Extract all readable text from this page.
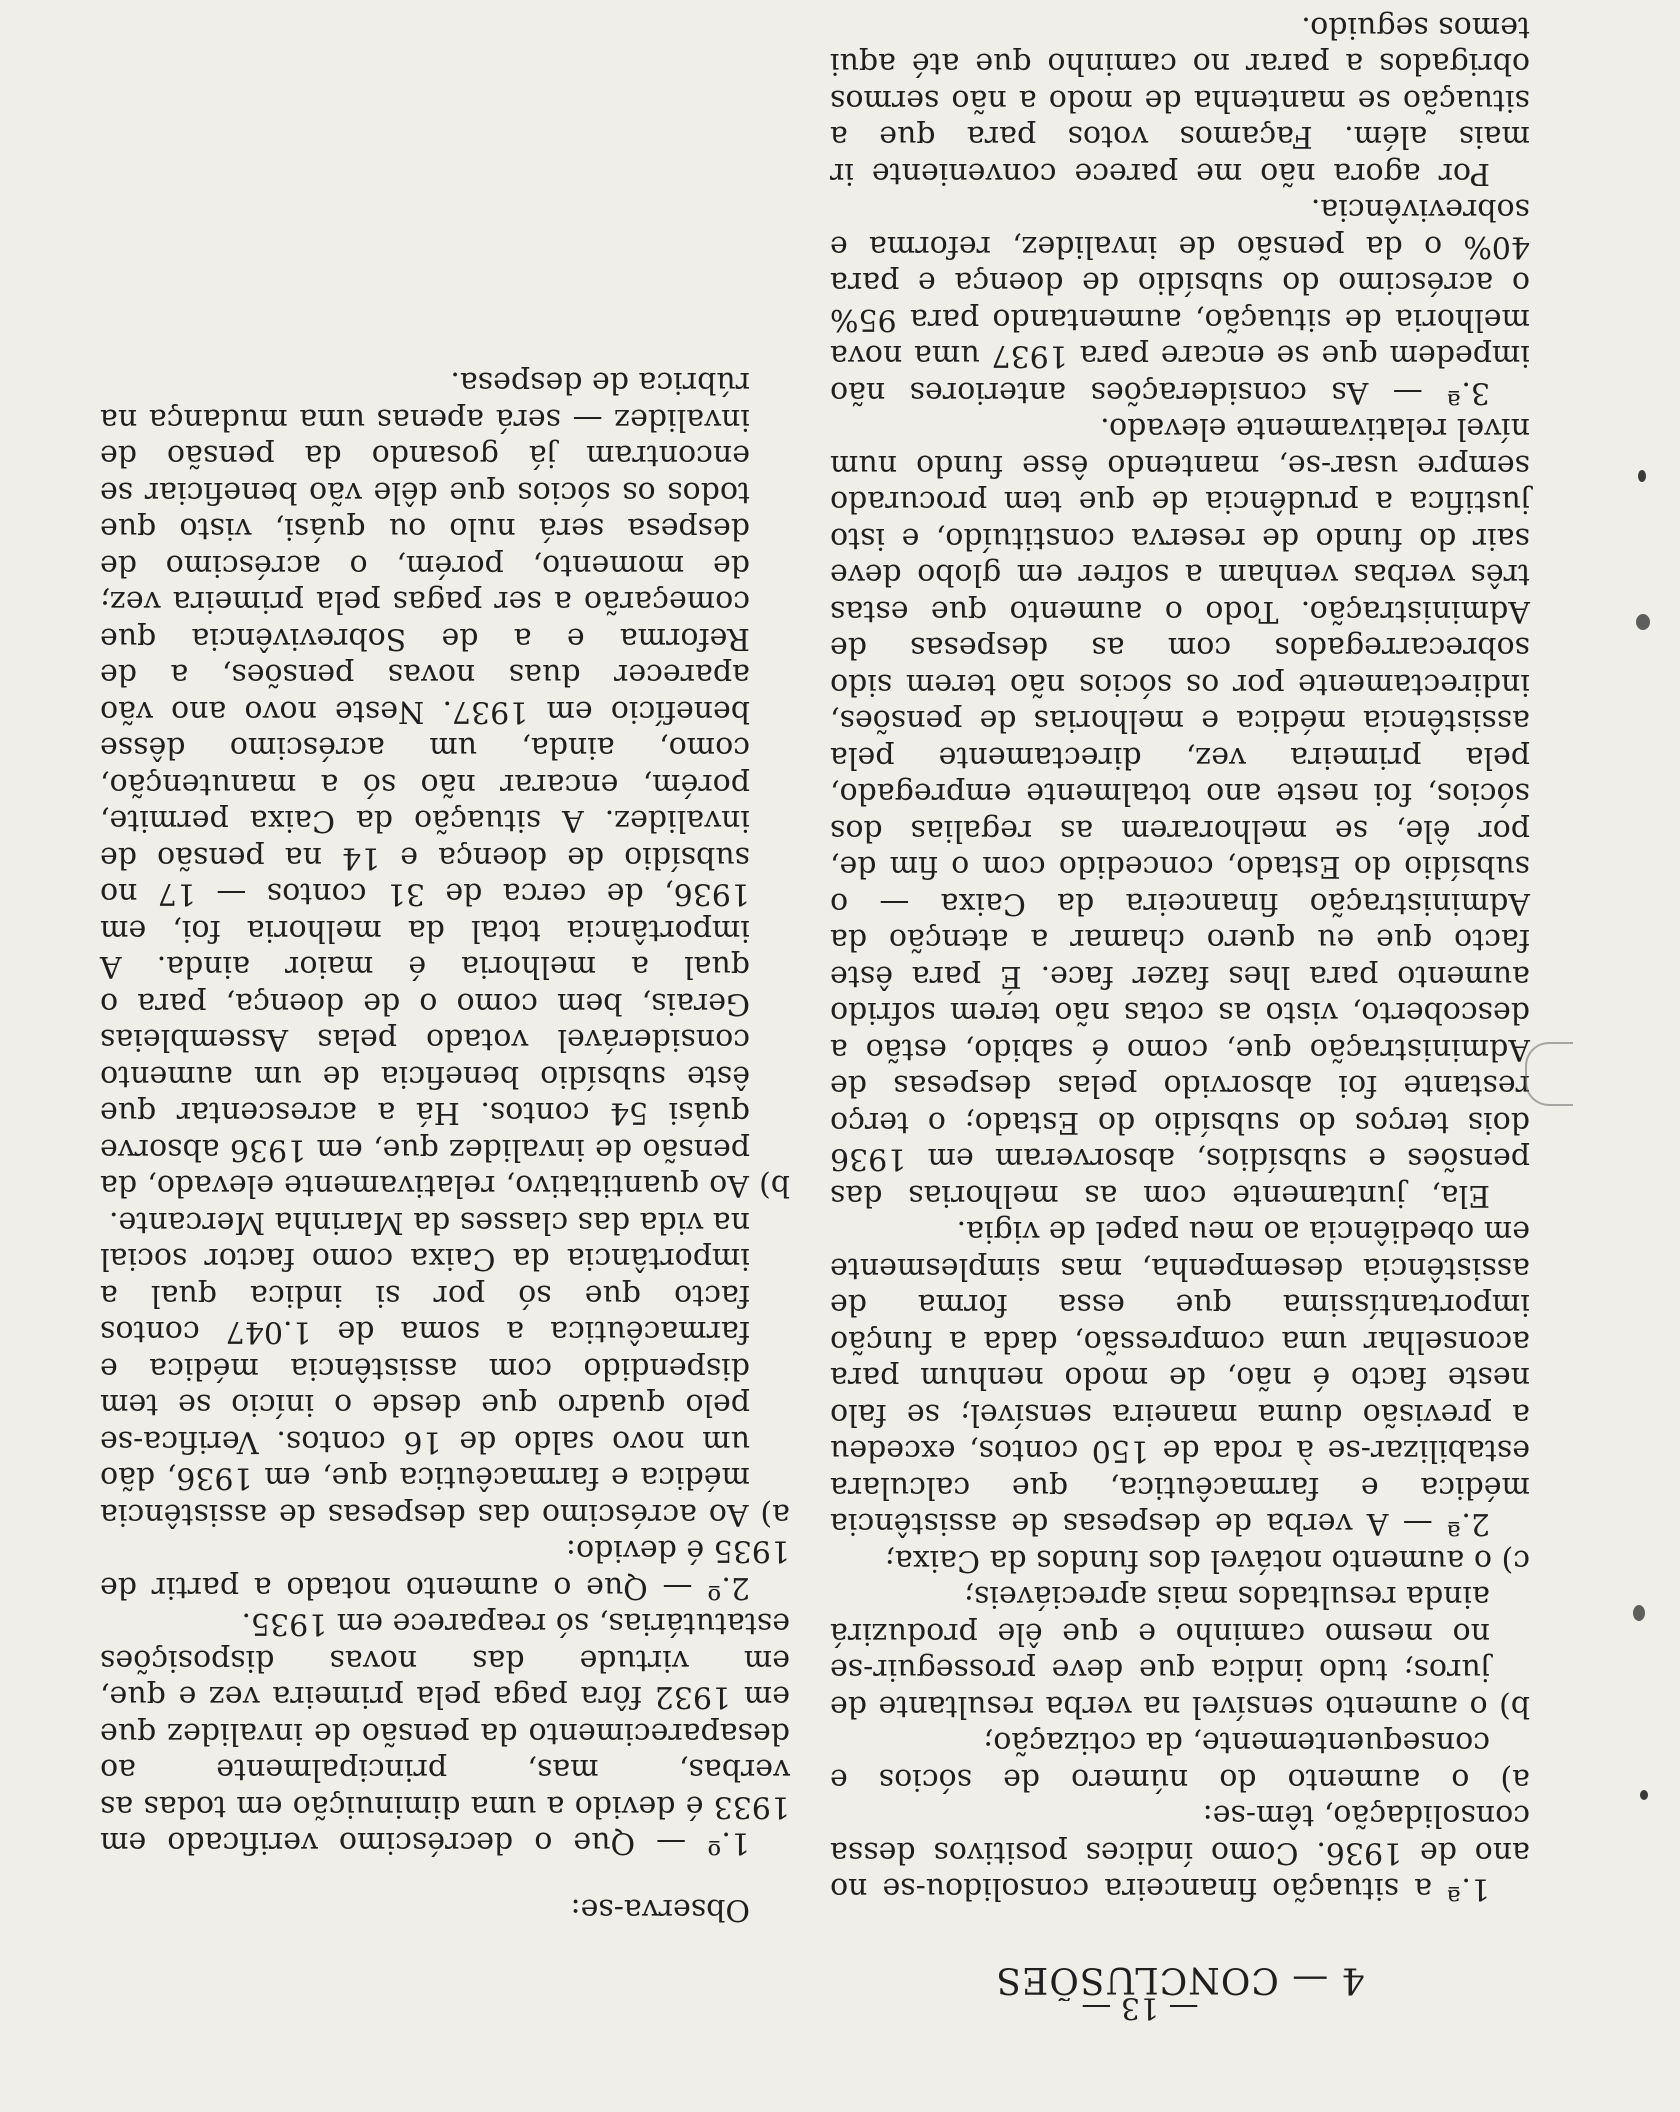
4 — CONCLUSÕES

1.ª a situação financeira consolidou-se no ano de 1936. Como índices positivos dessa consolidação, têm-se:

a) o aumento do número de sócios e consequentemente, da cotização;

b) o aumento sensível na verba resultante de juros; tudo indica que deve prosseguir-se no mesmo caminho e que êle produzirá ainda resultados mais apreciáveis;

c) o aumento notável dos fundos da Caixa;

2.ª — A verba de despesas de assistência médica e farmacêutica, que calculara estabilizar-se à roda de 150 contos, excedeu a previsão duma maneira sensível; se falo neste facto é não, de modo nenhum para aconselhar uma compressão, dada a função importantíssima que essa forma de assistência desempenha, mas simplesmente em obediência ao meu papel de vigia.

Ela, juntamente com as melhorias das pensões e subsídios, absorveram em 1936 dois terços do subsídio do Estado; o terço restante foi absorvido pelas despesas de Administração que, como é sabido, estão a descoberto, visto as cotas não terem sofrido aumento para lhes fazer face. É para êste facto que eu quero chamar a atenção da Administração financeira da Caixa — o subsídio do Estado, concedido com o fim de, por êle, se melhorarem as regalias dos sócios, foi neste ano totalmente empregado, pela primeira vez, directamente pela assistência médica e melhorias de pensões, indirectamente por os sócios não terem sido sobrecarregados com as despesas de Administração. Todo o aumento que estas três verbas venham a sofrer em globo deve sair do fundo de reserva constituído, e isto justifica a prudência de que tem procurado sempre usar-se, mantendo êsse fundo num nível relativamente elevado.

3.ª — As considerações anteriores não impedem que se encare para 1937 uma nova melhoria de situação, aumentando para 95% o acréscimo do subsídio de doença e para 40% o da pensão de invalidez, reforma e sobrevivência.

Por agora não me parece conveniente ir mais além. Façamos votos para que a situação se mantenha de modo a não sermos obrigados a parar no caminho que até aqui temos seguido.

Observa-se:

1.º — Que o decréscimo verificado em 1933 é devido a uma diminuição em todas as verbas, mas, principalmente ao desaparecimento da pensão de invalidez que em 1932 fôra paga pela primeira vez e que, em virtude das novas disposições estatutárias, só reaparece em 1935.

2.º — Que o aumento notado a partir de 1935 é devido:

a) Ao acréscimo das despesas de assistência médica e farmacêutica que, em 1936, dão um novo saldo de 16 contos. Verifica-se pelo quadro que desde o início se tem dispendido com assistência médica e farmacêutica a soma de 1.047 contos facto que só por si indica qual a importância da Caixa como factor social na vida das classes da Marinha Mercante.

b) Ao quantitativo, relativamente elevado, da pensão de invalidez que, em 1936 absorve quási 54 contos. Há a acrescentar que êste subsídio beneficia de um aumento considerável votado pelas Assembleias Gerais, bem como o de doença, para o qual a melhoria é maior ainda. A importância total da melhoria foi, em 1936, de cerca de 31 contos — 17 no subsídio de doença e 14 na pensão de invalidez. A situação da Caixa permite, porém, encarar não só a manutenção, como, ainda, um acréscimo dêsse benefício em 1937. Neste novo ano vão aparecer duas novas pensões, a de Reforma e a de Sobrevivência que começarão a ser pagas pela primeira vez; de momento, porém, o acréscimo de despesa será nulo ou quási, visto que todos os sócios que dêle vão beneficiar se encontram já gosando da pensão de invalidez — será apenas uma mudança na rúbrica de despesa.

— 13 —
